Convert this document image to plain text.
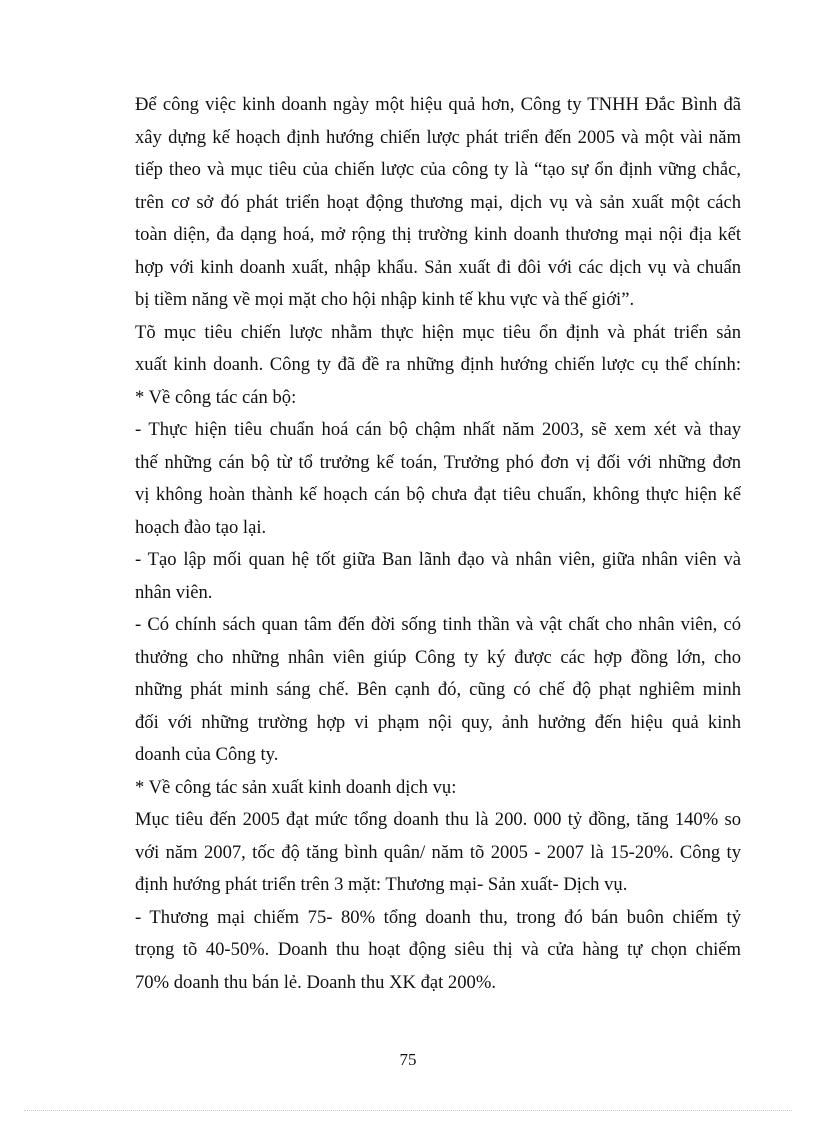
Để công việc kinh doanh ngày một hiệu quả hơn, Công ty TNHH Đắc Bình đã
xây dựng kế hoạch định hướng chiến lược phát triển đến 2005 và một vài năm
tiếp theo và mục tiêu của chiến lược của công ty là “tạo sự ổn định vững chắc,
trên cơ sở đó phát triển hoạt động thương mại, dịch vụ và sản xuất một cách
toàn diện, đa dạng hoá, mở rộng thị trường kinh doanh thương mại nội địa kết
hợp với kinh doanh xuất, nhập khẩu. Sản xuất đi đôi với các dịch vụ và chuẩn
bị tiềm năng về mọi mặt cho hội nhập kinh tế khu vực và thế giới”.
Tõ mục tiêu chiến lược nhằm thực hiện mục tiêu ổn định và phát triển sản
xuất kinh doanh. Công ty đã đề ra những định hướng chiến lược cụ thể chính:
* Về công tác cán bộ:
- Thực hiện tiêu chuẩn hoá cán bộ chậm nhất năm 2003, sẽ xem xét và thay
thế những cán bộ từ tổ trưởng kế toán, Trưởng phó đơn vị đối với những đơn
vị không hoàn thành kế hoạch cán bộ chưa đạt tiêu chuẩn, không thực hiện kế
hoạch đào tạo lại.
- Tạo lập mối quan hệ tốt giữa Ban lãnh đạo và nhân viên, giữa nhân viên và
nhân viên.
- Có chính sách quan tâm đến đời sống tinh thần và vật chất cho nhân viên, có
thưởng cho những nhân viên giúp Công ty ký được các hợp đồng lớn, cho
những phát minh sáng chế. Bên cạnh đó, cũng có chế độ phạt nghiêm minh
đối với những trường hợp vi phạm nội quy, ảnh hưởng đến hiệu quả kinh
doanh của Công ty.
* Về công tác sản xuất kinh doanh dịch vụ:
Mục tiêu đến 2005 đạt mức tổng doanh thu là 200. 000 tỷ đồng, tăng 140% so
với năm 2007, tốc độ tăng bình quân/ năm tõ 2005 - 2007 là 15-20%. Công ty
định hướng phát triển trên 3 mặt: Thương mại- Sản xuất- Dịch vụ.
- Thương mại chiếm 75- 80% tổng doanh thu, trong đó bán buôn chiếm tỷ
trọng tõ 40-50%. Doanh thu hoạt động siêu thị và cửa hàng tự chọn chiếm
70% doanh thu bán lẻ. Doanh thu XK đạt 200%.
75
